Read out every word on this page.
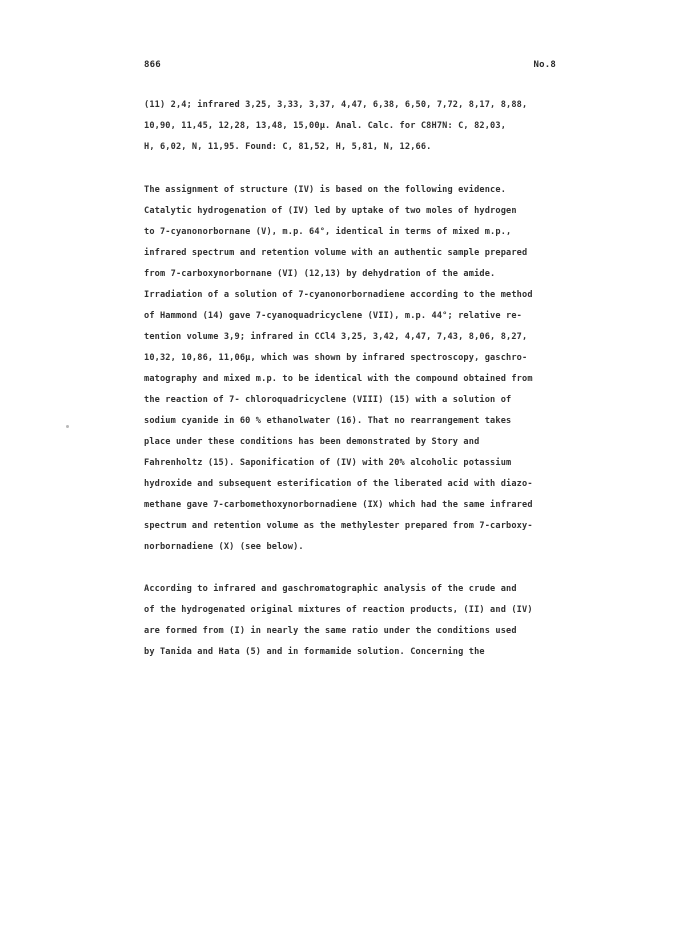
866	No.8
(11) 2,4; infrared 3,25, 3,33, 3,37, 4,47, 6,38, 6,50, 7,72, 8,17, 8,88,
10,90, 11,45, 12,28, 13,48, 15,00µ. Anal. Calc. for C8H7N: C, 82,03,
H, 6,02, N, 11,95. Found: C, 81,52, H, 5,81, N, 12,66.
The assignment of structure (IV) is based on the following evidence.
Catalytic hydrogenation of (IV) led by uptake of two moles of hydrogen
to 7-cyanonorbornane (V), m.p. 64°, identical in terms of mixed m.p.,
infrared spectrum and retention volume with an authentic sample prepared
from 7-carboxynorbornane (VI) (12,13) by dehydration of the amide.
Irradiation of a solution of 7-cyanonorbornadiene according to the method
of Hammond (14) gave 7-cyanoquadricyclene (VII), m.p. 44°; relative re-
tention volume 3,9; infrared in CCl4 3,25, 3,42, 4,47, 7,43, 8,06, 8,27,
10,32, 10,86, 11,06µ, which was shown by infrared spectroscopy, gaschro-
matography and mixed m.p. to be identical with the compound obtained from
the reaction of 7- chloroquadricyclene (VIII) (15) with a solution of
sodium cyanide in 60 % ethanolwater (16). That no rearrangement takes
place under these conditions has been demonstrated by Story and
Fahrenholtz (15). Saponification of (IV) with 20% alcoholic potassium
hydroxide and subsequent esterification of the liberated acid with diazo-
methane gave 7-carbomethoxynorbornadiene (IX) which had the same infrared
spectrum and retention volume as the methylester prepared from 7-carboxy-
norbornadiene (X) (see below).
According to infrared and gaschromatographic analysis of the crude and
of the hydrogenated original mixtures of reaction products, (II) and (IV)
are formed from (I) in nearly the same ratio under the conditions used
by Tanida and Hata (5) and in formamide solution. Concerning the
